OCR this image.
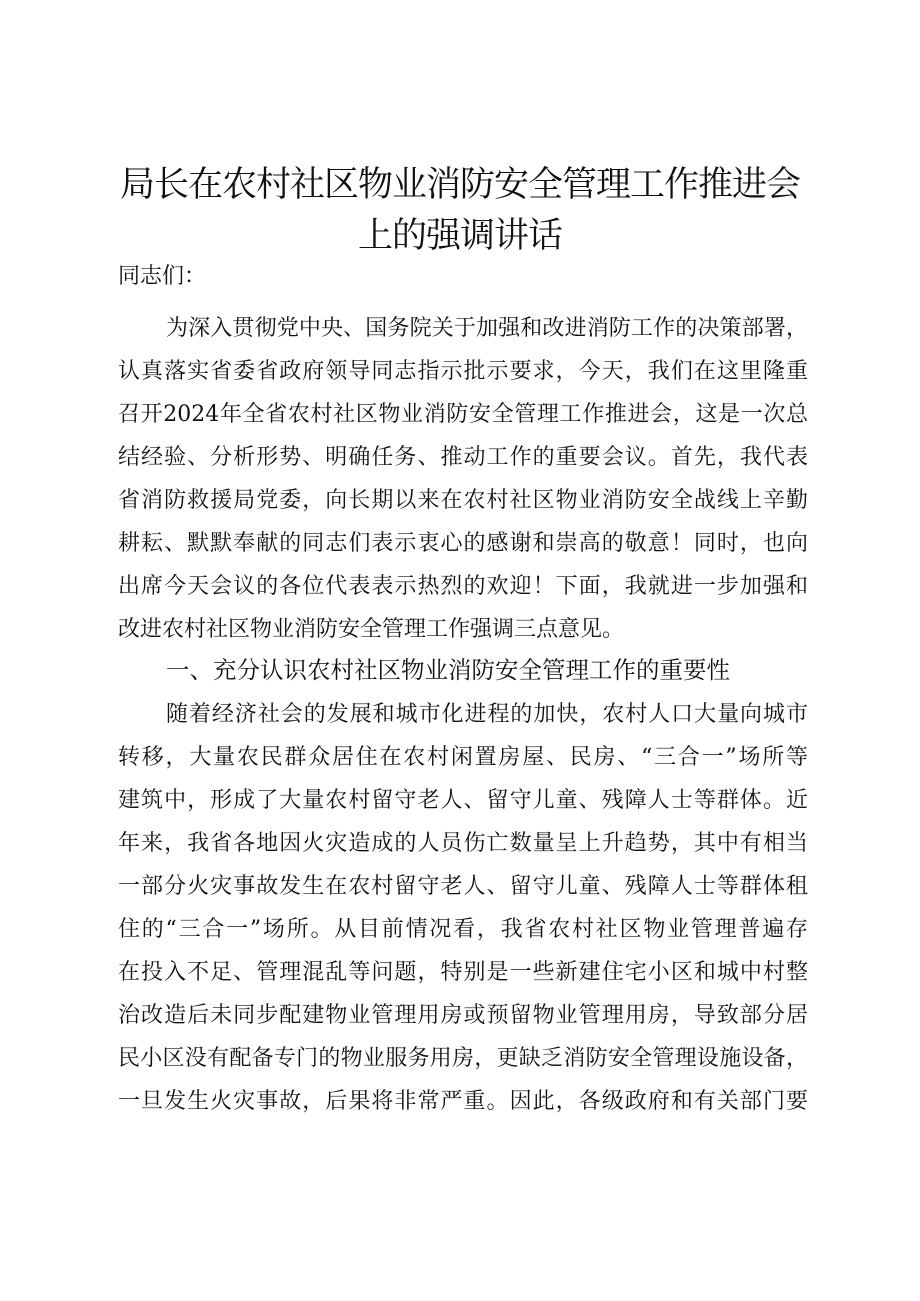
局长在农村社区物业消防安全管理工作推进会
上的强调讲话
同志们：
为深入贯彻党中央、国务院关于加强和改进消防工作的决策部署，
认真落实省委省政府领导同志指示批示要求，今天，我们在这里隆重
召开2024年全省农村社区物业消防安全管理工作推进会，这是一次总
结经验、分析形势、明确任务、推动工作的重要会议。首先，我代表
省消防救援局党委，向长期以来在农村社区物业消防安全战线上辛勤
耕耘、默默奉献的同志们表示衷心的感谢和崇高的敬意！同时，也向
出席今天会议的各位代表表示热烈的欢迎！下面，我就进一步加强和
改进农村社区物业消防安全管理工作强调三点意见。
一、充分认识农村社区物业消防安全管理工作的重要性
随着经济社会的发展和城市化进程的加快，农村人口大量向城市
转移，大量农民群众居住在农村闲置房屋、民房、“三合一”场所等
建筑中，形成了大量农村留守老人、留守儿童、残障人士等群体。近
年来，我省各地因火灾造成的人员伤亡数量呈上升趋势，其中有相当
一部分火灾事故发生在农村留守老人、留守儿童、残障人士等群体租
住的“三合一”场所。从目前情况看，我省农村社区物业管理普遍存
在投入不足、管理混乱等问题，特别是一些新建住宅小区和城中村整
治改造后未同步配建物业管理用房或预留物业管理用房，导致部分居
民小区没有配备专门的物业服务用房，更缺乏消防安全管理设施设备，
一旦发生火灾事故，后果将非常严重。因此，各级政府和有关部门要
